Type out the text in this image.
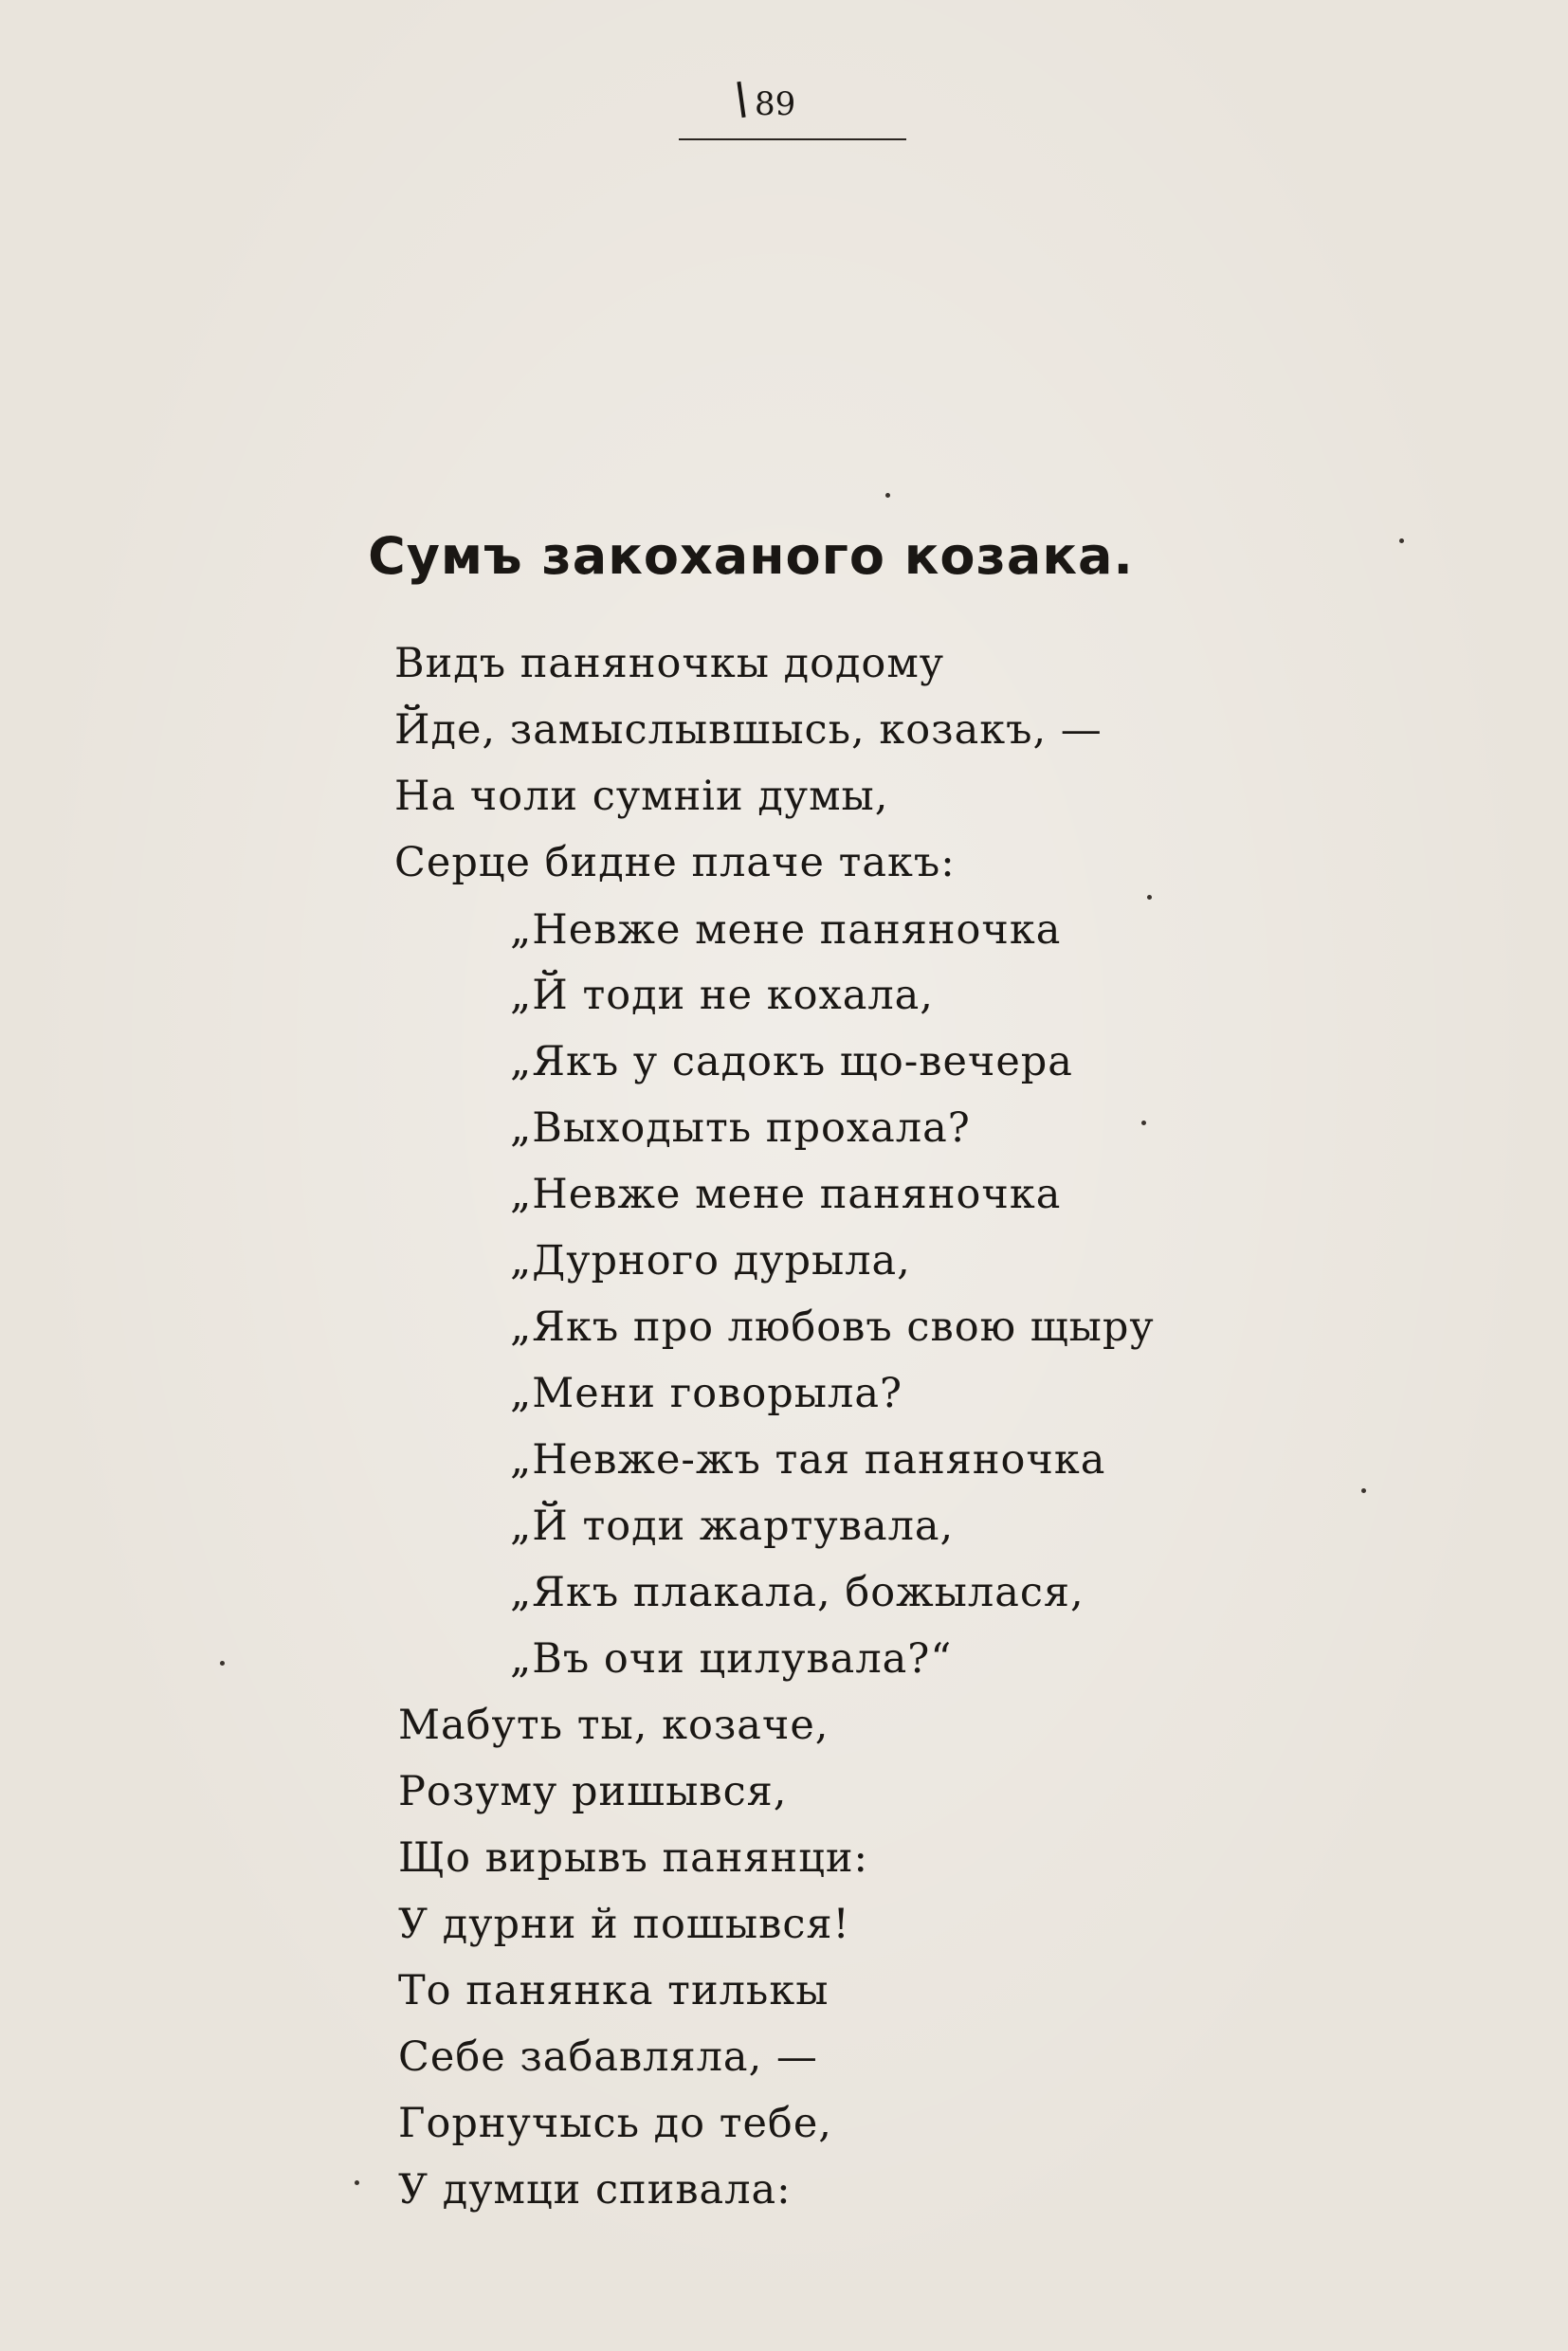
89
Сумъ закоханого козака.
Видъ паняночкы додому
Йде, замыслывшысь, козакъ, —
На чоли сумніи думы,
Серце бидне плаче такъ:
„Невже мене паняночка
„Й тоди не кохала,
„Якъ у садокъ що-вечера
„Выходыть прохала?
„Невже мене паняночка
„Дурного дурыла,
„Якъ про любовъ свою щыру
„Мени говорыла?
„Невже-жъ тая паняночка
„Й тоди жартувала,
„Якъ плакала, божылася,
„Въ очи цилувала?“
Мабуть ты, козаче,
Розуму ришывся,
Що вирывъ панянци:
У дурни й пошывся!
То панянка тилькы
Себе забавляла, —
Горнучысь до тебе,
У думци спивала:
